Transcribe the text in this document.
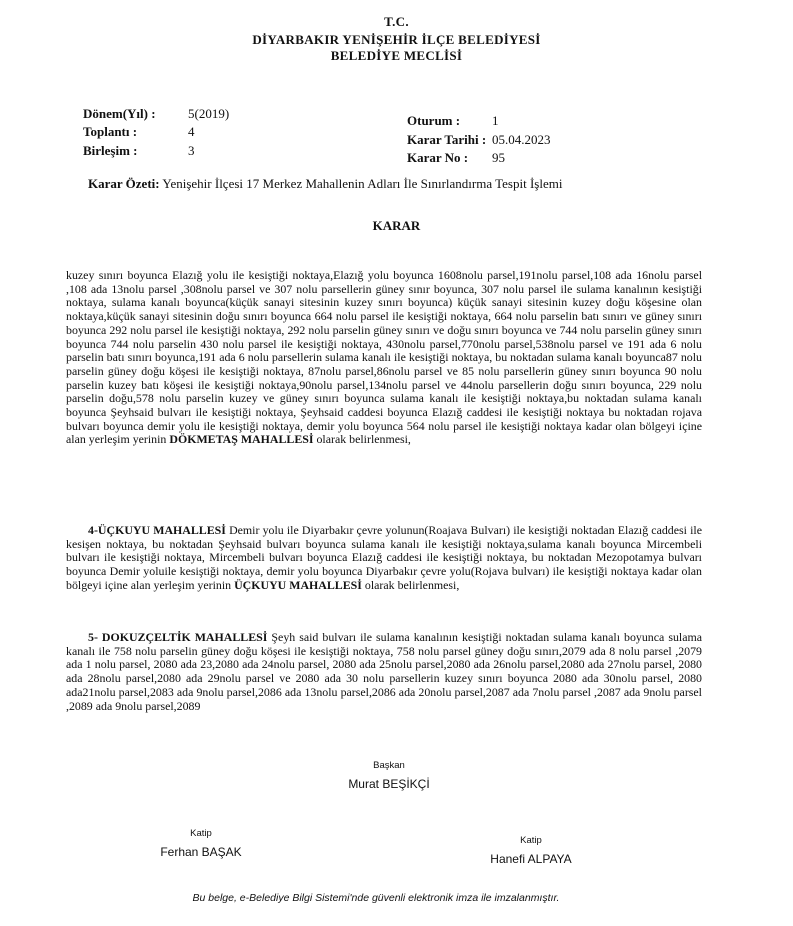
T.C.
DİYARBAKIR YENİŞEHİR İLÇE BELEDİYESİ
BELEDİYE MECLİSİ
Dönem(Yıl) : 5(2019)
Toplantı :	4
Birleşim :	3
Oturum : 1
Karar Tarihi : 05.04.2023
Karar No : 95
Karar Özeti: Yenişehir İlçesi 17 Merkez Mahallenin Adları İle Sınırlandırma Tespit İşlemi
KARAR
kuzey sınırı boyunca Elazığ yolu ile kesiştiği noktaya,Elazığ yolu boyunca 1608nolu parsel,191nolu parsel,108 ada 16nolu parsel ,108 ada 13nolu parsel ,308nolu parsel ve 307 nolu parsellerin güney sınır boyunca, 307 nolu parsel ile sulama kanalının kesiştiği noktaya, sulama kanalı boyunca(küçük sanayi sitesinin kuzey sınırı boyunca) küçük sanayi sitesinin kuzey doğu köşesine olan noktaya,küçük sanayi sitesinin doğu sınırı boyunca 664 nolu parsel ile kesiştiği noktaya, 664 nolu parselin batı sınırı ve güney sınırı boyunca 292 nolu parsel ile kesiştiği noktaya, 292 nolu parselin güney sınırı ve doğu sınırı boyunca ve 744 nolu parselin güney sınırı boyunca 744 nolu parselin 430 nolu parsel ile kesiştiği noktaya, 430nolu parsel,770nolu parsel,538nolu parsel ve 191 ada 6 nolu parselin batı sınırı boyunca,191 ada 6 nolu parsellerin sulama kanalı ile kesiştiği noktaya, bu noktadan sulama kanalı boyunca87 nolu parselin güney doğu köşesi ile kesiştiği noktaya, 87nolu parsel,86nolu parsel ve 85 nolu parsellerin güney sınırı boyunca 90 nolu parselin kuzey batı köşesi ile kesiştiği noktaya,90nolu parsel,134nolu parsel ve 44nolu parsellerin doğu sınırı boyunca, 229 nolu parselin doğu,578 nolu parselin kuzey ve güney sınırı boyunca sulama kanalı ile kesiştiği noktaya,bu noktadan sulama kanalı boyunca Şeyhsaid bulvarı ile kesiştiği noktaya, Şeyhsaid caddesi boyunca Elazığ caddesi ile kesiştiği noktaya bu noktadan rojava bulvarı boyunca demir yolu ile kesiştiği noktaya, demir yolu boyunca 564 nolu parsel ile kesiştiği noktaya kadar olan bölgeyi içine alan yerleşim yerinin DÖKMETAŞ MAHALLESİ olarak belirlenmesi,
4-ÜÇKUYU MAHALLESİ Demir yolu ile Diyarbakır çevre yolunun(Roajava Bulvarı) ile kesiştiği noktadan Elazığ caddesi ile kesişen noktaya, bu noktadan Şeyhsaid bulvarı boyunca sulama kanalı ile kesiştiği noktaya,sulama kanalı boyunca Mircembeli bulvarı ile kesiştiği noktaya, Mircembeli bulvarı boyunca Elazığ caddesi ile kesiştiği noktaya, bu noktadan Mezopotamya bulvarı boyunca Demir yoluile kesiştiği noktaya, demir yolu boyunca Diyarbakır çevre yolu(Rojava bulvarı) ile kesiştiği noktaya kadar olan bölgeyi içine alan yerleşim yerinin ÜÇKUYU MAHALLESİ olarak belirlenmesi,
5- DOKUZÇELTİK MAHALLESİ Şeyh said bulvarı ile sulama kanalının kesiştiği noktadan sulama kanalı boyunca sulama kanalı ile 758 nolu parselin güney doğu köşesi ile kesiştiği noktaya, 758 nolu parsel güney doğu sınırı,2079 ada 8 nolu parsel ,2079 ada 1 nolu parsel, 2080 ada 23,2080 ada 24nolu parsel, 2080 ada 25nolu parsel,2080 ada 26nolu parsel,2080 ada 27nolu parsel, 2080 ada 28nolu parsel,2080 ada 29nolu parsel ve 2080 ada 30 nolu parsellerin kuzey sınırı boyunca 2080 ada 30nolu parsel, 2080 ada21nolu parsel,2083 ada 9nolu parsel,2086 ada 13nolu parsel,2086 ada 20nolu parsel,2087 ada 7nolu parsel ,2087 ada 9nolu parsel ,2089 ada 9nolu parsel,2089
Başkan
Murat BEŞİKÇİ
Katip
Ferhan BAŞAK
Katip
Hanefi ALPAYA
Bu belge, e-Belediye Bilgi Sistemi'nde güvenli elektronik imza ile imzalanmıştır.
